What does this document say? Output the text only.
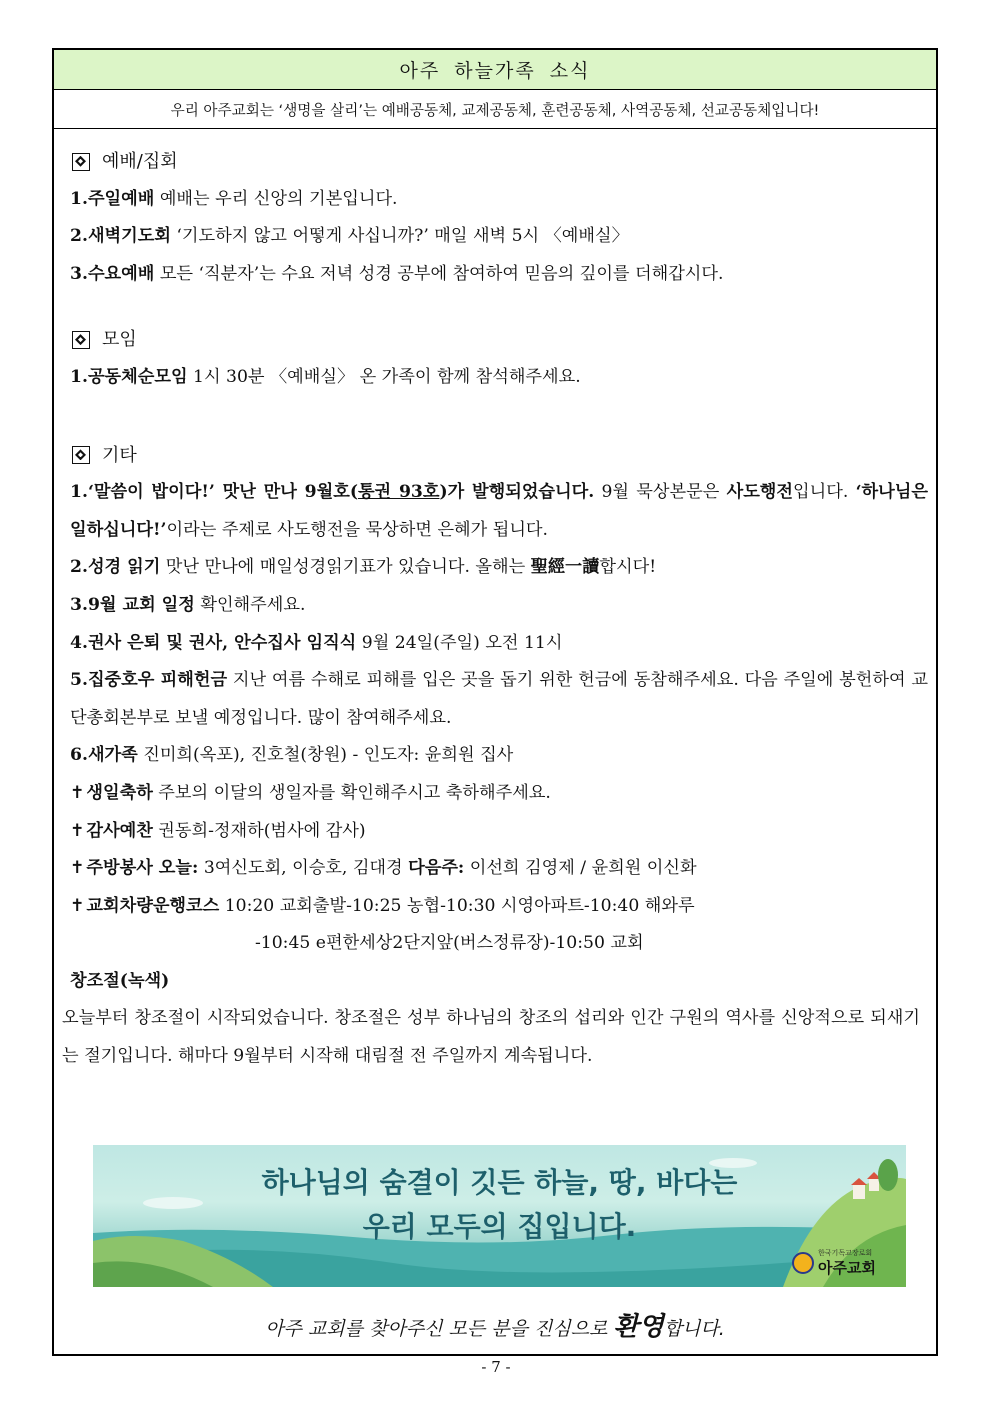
아주 하늘가족 소식
우리 아주교회는 ‘생명을 살리’는 예배공동체, 교제공동체, 훈련공동체, 사역공동체, 선교공동체입니다!
예배/집회

1.주일예배 예배는 우리 신앙의 기본입니다.

2.새벽기도회 ‘기도하지 않고 어떻게 사십니까?’ 매일 새벽 5시 〈예배실〉

3.수요예배 모든 ‘직분자’는 수요 저녁 성경 공부에 참여하여 믿음의 깊이를 더해갑시다.

모임

1.공동체순모임 1시 30분 〈예배실〉 온 가족이 함께 참석해주세요.

기타

1.‘말씀이 밥이다!’ 맛난 만나 9월호(통권 93호)가 발행되었습니다. 9월 묵상본문은 사도행전입니다. ‘하나님은 일하십니다!’이라는 주제로 사도행전을 묵상하면 은혜가 됩니다.

2.성경 읽기 맛난 만나에 매일성경읽기표가 있습니다. 올해는 聖經一讀합시다!

3.9월 교회 일정 확인해주세요.

4.권사 은퇴 및 권사, 안수집사 임직식 9월 24일(주일) 오전 11시

5.집중호우 피해헌금 지난 여름 수해로 피해를 입은 곳을 돕기 위한 헌금에 동참해주세요. 다음 주일에 봉헌하여 교단총회본부로 보낼 예정입니다. 많이 참여해주세요.

6.새가족 진미희(옥포), 진호철(창원) - 인도자: 윤희원 집사

✝ 생일축하 주보의 이달의 생일자를 확인해주시고 축하해주세요.

✝ 감사예찬 권동희-정재하(범사에 감사)

✝ 주방봉사 오늘: 3여신도회, 이승호, 김대경 다음주: 이선희 김영제 / 윤희원 이신화

✝ 교회차량운행코스 10:20 교회출발-10:25 농협-10:30 시영아파트-10:40 해와루

-10:45 e편한세상2단지앞(버스정류장)-10:50 교회

창조절(녹색)

오늘부터 창조절이 시작되었습니다. 창조절은 성부 하나님의 창조의 섭리와 인간 구원의 역사를 신앙적으로 되새기는 절기입니다. 해마다 9월부터 시작해 대림절 전 주일까지 계속됩니다.

하나님의 숨결이 깃든 하늘, 땅, 바다는
우리 모두의 집입니다.
한국기독교장로회
아주교회
아주 교회를 찾아주신 모든 분을 진심으로 환영합니다.
- 7 -
